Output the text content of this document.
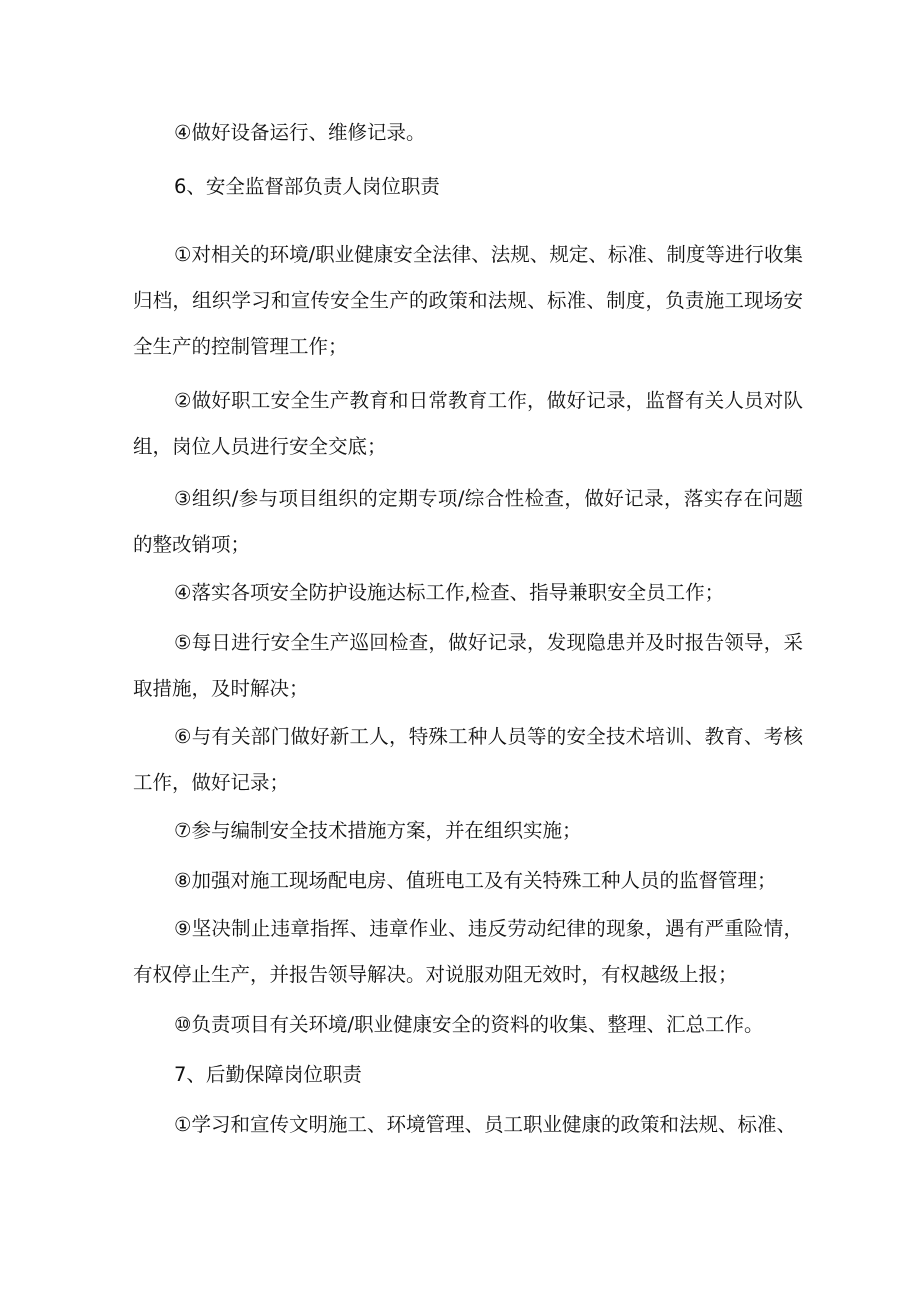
④做好设备运行、维修记录。

6、安全监督部负责人岗位职责

①对相关的环境/职业健康安全法律、法规、规定、标准、制度等进行收集归档，组织学习和宣传安全生产的政策和法规、标准、制度，负责施工现场安全生产的控制管理工作；

②做好职工安全生产教育和日常教育工作，做好记录，监督有关人员对队组，岗位人员进行安全交底；

③组织/参与项目组织的定期专项/综合性检查，做好记录，落实存在问题的整改销项；

④落实各项安全防护设施达标工作,检查、指导兼职安全员工作；

⑤每日进行安全生产巡回检查，做好记录，发现隐患并及时报告领导，采取措施，及时解决；

⑥与有关部门做好新工人，特殊工种人员等的安全技术培训、教育、考核工作，做好记录；

⑦参与编制安全技术措施方案，并在组织实施；

⑧加强对施工现场配电房、值班电工及有关特殊工种人员的监督管理；

⑨坚决制止违章指挥、违章作业、违反劳动纪律的现象，遇有严重险情，有权停止生产，并报告领导解决。对说服劝阻无效时，有权越级上报；

⑩负责项目有关环境/职业健康安全的资料的收集、整理、汇总工作。

7、后勤保障岗位职责

①学习和宣传文明施工、环境管理、员工职业健康的政策和法规、标准、
